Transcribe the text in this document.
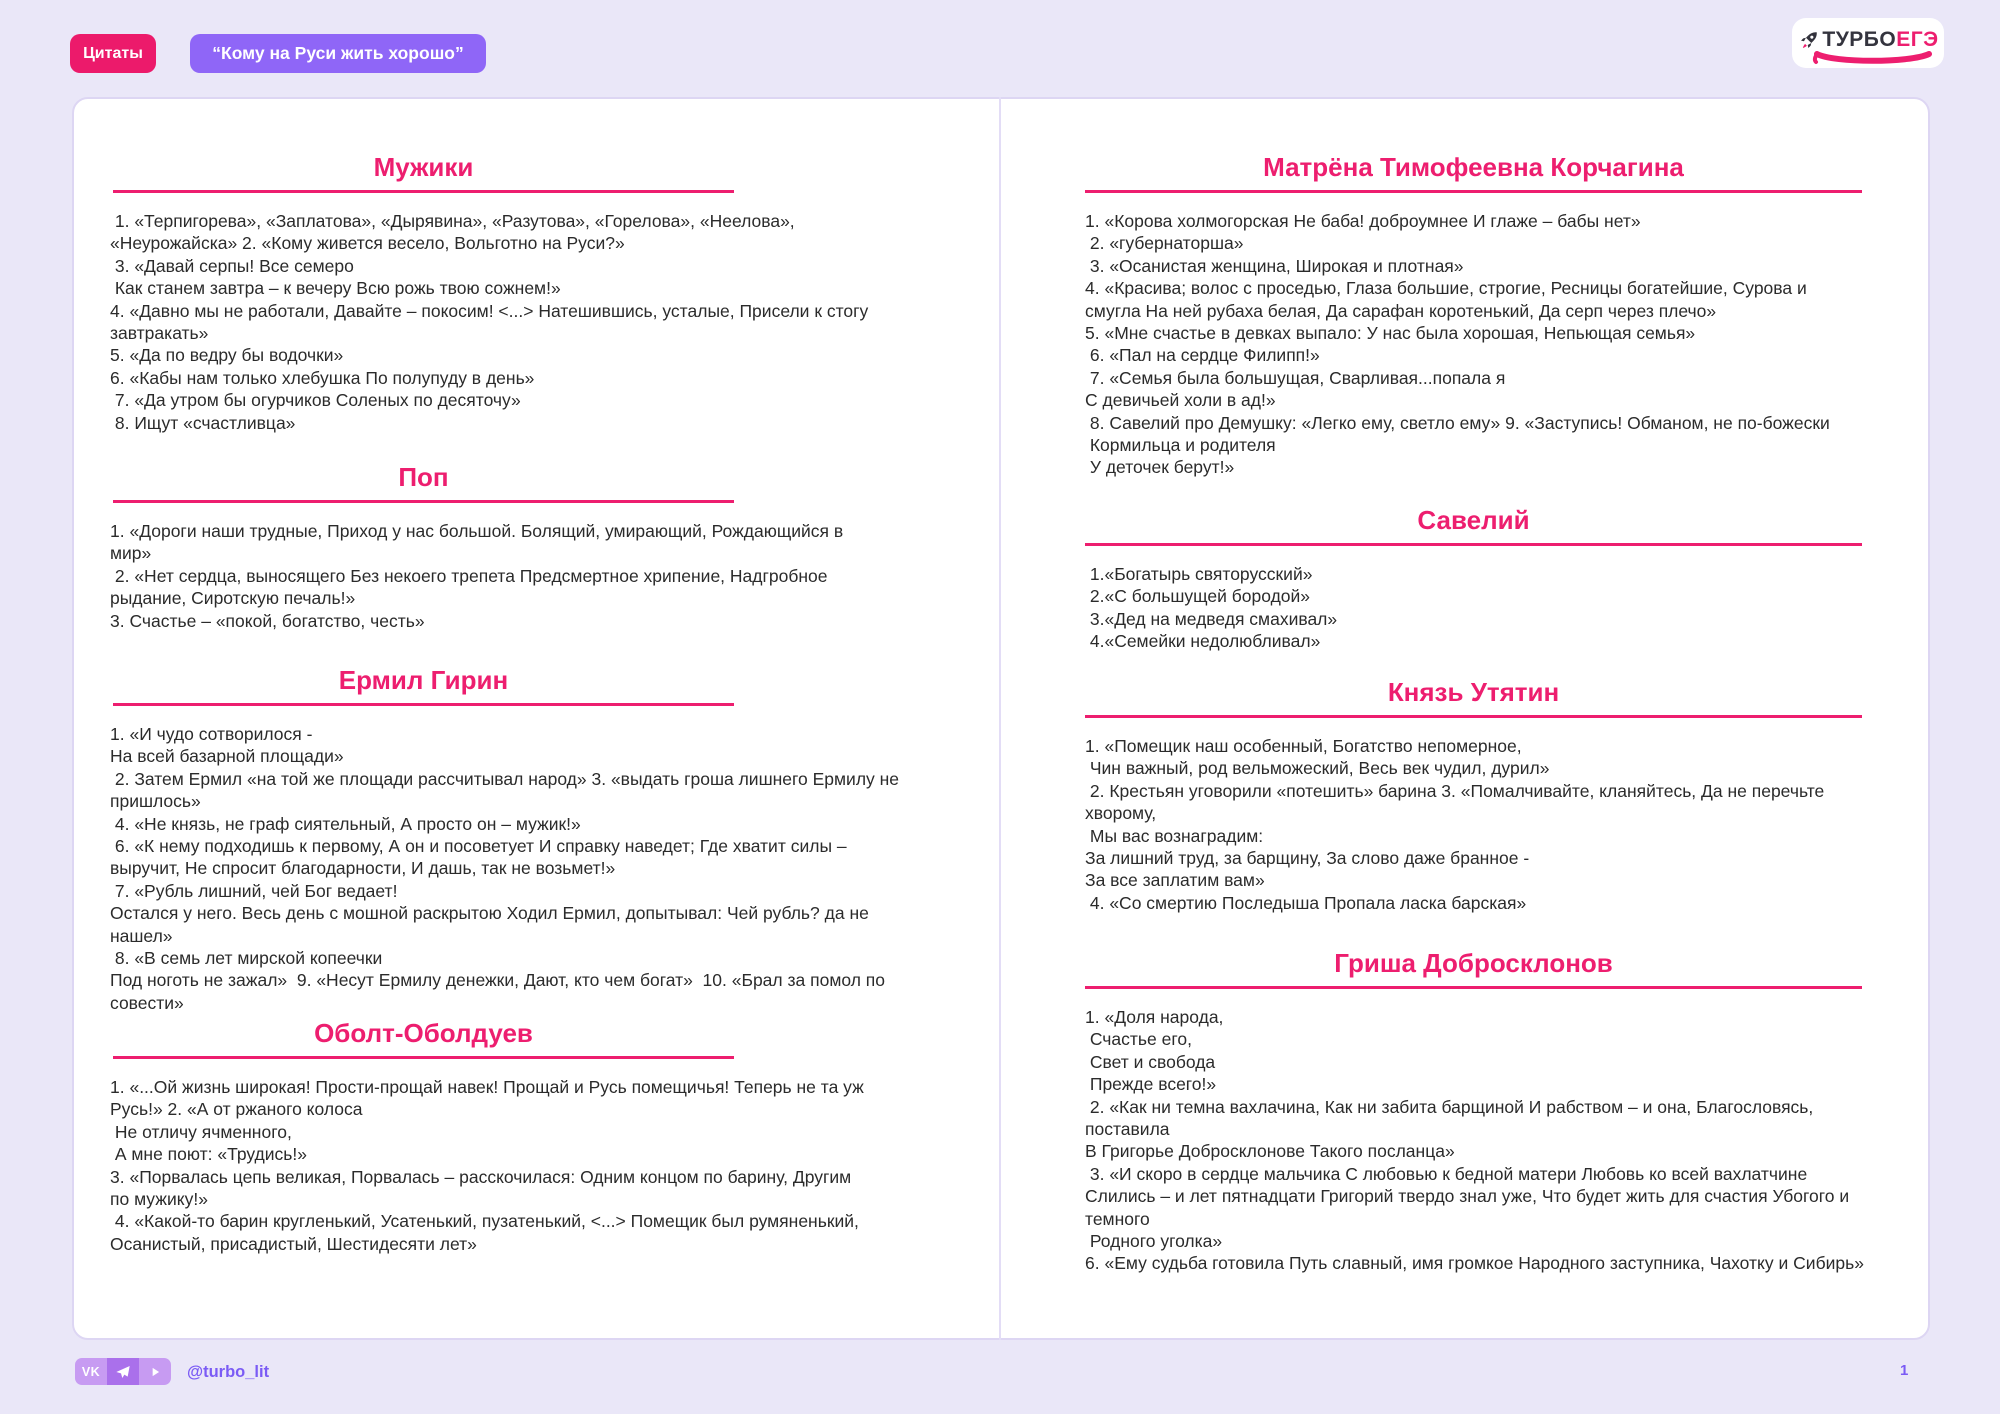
Цитаты	“Кому на Руси жить хорошо”
ТУРБОЕГЭ
Мужики
1. «Терпигорева», «Заплатова», «Дырявина», «Разутова», «Горелова», «Неелова»,
«Неурожайска» 2. «Кому живется весело, Вольготно на Руси?»
3. «Давай серпы! Все семеро
Как станем завтра – к вечеру Всю рожь твою сожнем!»
4. «Давно мы не работали, Давайте – покосим! <...> Натешившись, усталые, Присели к стогу
завтракать»
5. «Да по ведру бы водочки»
6. «Кабы нам только хлебушка По полупуду в день»
7. «Да утром бы огурчиков Соленых по десяточу»
8. Ищут «счастливца»
Поп
1. «Дороги наши трудные, Приход у нас большой. Болящий, умирающий, Рождающийся в
мир»
2. «Нет сердца, выносящего Без некоего трепета Предсмертное хрипение, Надгробное
рыдание, Сиротскую печаль!»
3. Счастье – «покой, богатство, честь»
Ермил Гирин
1. «И чудо сотворилося -
На всей базарной площади»
2. Затем Ермил «на той же площади рассчитывал народ» 3. «выдать гроша лишнего Ермилу не
пришлось»
4. «Не князь, не граф сиятельный, А просто он – мужик!»
6. «К нему подходишь к первому, А он и посоветует И справку наведет; Где хватит силы –
выручит, Не спросит благодарности, И дашь, так не возьмет!»
7. «Рубль лишний, чей Бог ведает!
Остался у него. Весь день с мошной раскрытою Ходил Ермил, допытывал: Чей рубль? да не
нашел»
8. «В семь лет мирской копеечки
Под ноготь не зажал»  9. «Несут Ермилу денежки, Дают, кто чем богат»  10. «Брал за помол по
совести»
Оболт-Оболдуев
1. «...Ой жизнь широкая! Прости-прощай навек! Прощай и Русь помещичья! Теперь не та уж
Русь!» 2. «А от ржаного колоса
Не отличу ячменного,
А мне поют: «Трудись!»
3. «Порвалась цепь великая, Порвалась – расскочилася: Одним концом по барину, Другим
по мужику!»
4. «Какой-то барин кругленький, Усатенький, пузатенький, <...> Помещик был румяненький,
Осанистый, присадистый, Шестидесяти лет»
Матрёна Тимофеевна Корчагина
1. «Корова холмогорская Не баба! доброумнее И глаже – бабы нет»
2. «губернаторша»
3. «Осанистая женщина, Широкая и плотная»
4. «Красива; волос с проседью, Глаза большие, строгие, Ресницы богатейшие, Сурова и
смугла На ней рубаха белая, Да сарафан коротенький, Да серп через плечо»
5. «Мне счастье в девках выпало: У нас была хорошая, Непьющая семья»
6. «Пал на сердце Филипп!»
7. «Семья была большущая, Сварливая...попала я
С девичьей холи в ад!»
8. Савелий про Демушку: «Легко ему, светло ему» 9. «Заступись! Обманом, не по-божески
Кормильца и родителя
У деточек берут!»
Савелий
1.«Богатырь святорусский»
2.«С большущей бородой»
3.«Дед на медведя смахивал»
4.«Семейки недолюбливал»
Князь Утятин
1. «Помещик наш особенный, Богатство непомерное,
Чин важный, род вельможеский, Весь век чудил, дурил»
2. Крестьян уговорили «потешить» барина 3. «Помалчивайте, кланяйтесь, Да не перечьте
хворому,
Мы вас вознаградим:
За лишний труд, за барщину, За слово даже бранное -
За все заплатим вам»
4. «Со смертию Последыша Пропала ласка барская»
Гриша Добросклонов
1. «Доля народа,
Счастье его,
Свет и свобода
Прежде всего!»
2. «Как ни темна вахлачина, Как ни забита барщиной И рабством – и она, Благословясь,
поставила
В Григорье Добросклонове Такого посланца»
3. «И скоро в сердце мальчика С любовью к бедной матери Любовь ко всей вахлатчине
Слились – и лет пятнадцати Григорий твердо знал уже, Что будет жить для счастия Убогого и
темного
Родного уголка»
6. «Ему судьба готовила Путь славный, имя громкое Народного заступника, Чахотку и Сибирь»
VK	@turbo_lit	1
